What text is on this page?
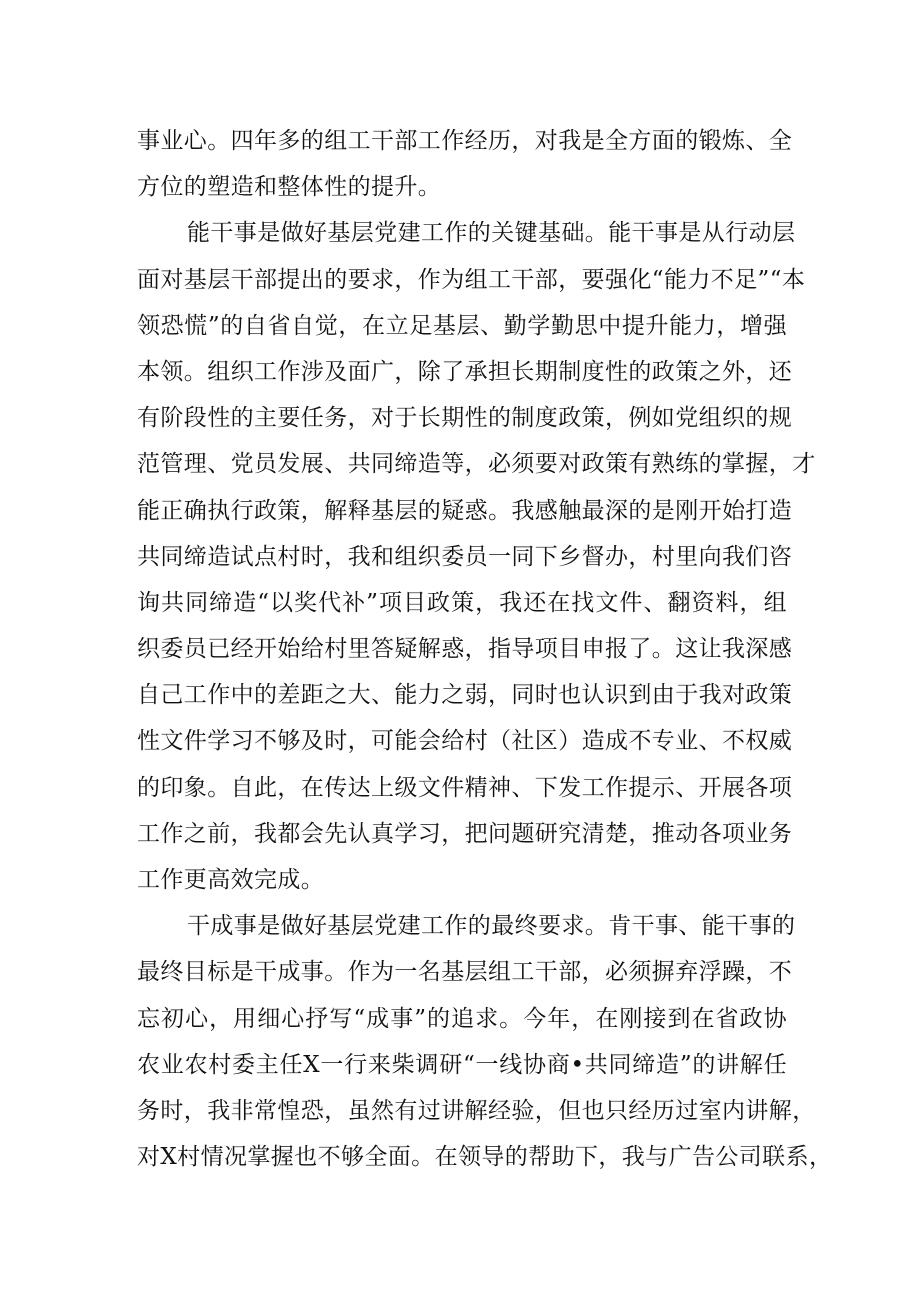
事业心。四年多的组工干部工作经历，对我是全方面的锻炼、全
方位的塑造和整体性的提升。
能干事是做好基层党建工作的关键基础。能干事是从行动层
面对基层干部提出的要求，作为组工干部，要强化“能力不足”“本
领恐慌”的自省自觉，在立足基层、勤学勤思中提升能力，增强
本领。组织工作涉及面广，除了承担长期制度性的政策之外，还
有阶段性的主要任务，对于长期性的制度政策，例如党组织的规
范管理、党员发展、共同缔造等，必须要对政策有熟练的掌握，才
能正确执行政策，解释基层的疑惑。我感触最深的是刚开始打造
共同缔造试点村时，我和组织委员一同下乡督办，村里向我们咨
询共同缔造“以奖代补”项目政策，我还在找文件、翻资料，组
织委员已经开始给村里答疑解惑，指导项目申报了。这让我深感
自己工作中的差距之大、能力之弱，同时也认识到由于我对政策
性文件学习不够及时，可能会给村（社区）造成不专业、不权威
的印象。自此，在传达上级文件精神、下发工作提示、开展各项
工作之前，我都会先认真学习，把问题研究清楚，推动各项业务
工作更高效完成。
干成事是做好基层党建工作的最终要求。肯干事、能干事的
最终目标是干成事。作为一名基层组工干部，必须摒弃浮躁，不
忘初心，用细心抒写“成事”的追求。今年，在刚接到在省政协
农业农村委主任X一行来柴调研“一线协商•共同缔造”的讲解任
务时，我非常惶恐，虽然有过讲解经验，但也只经历过室内讲解，
对X村情况掌握也不够全面。在领导的帮助下，我与广告公司联系，
